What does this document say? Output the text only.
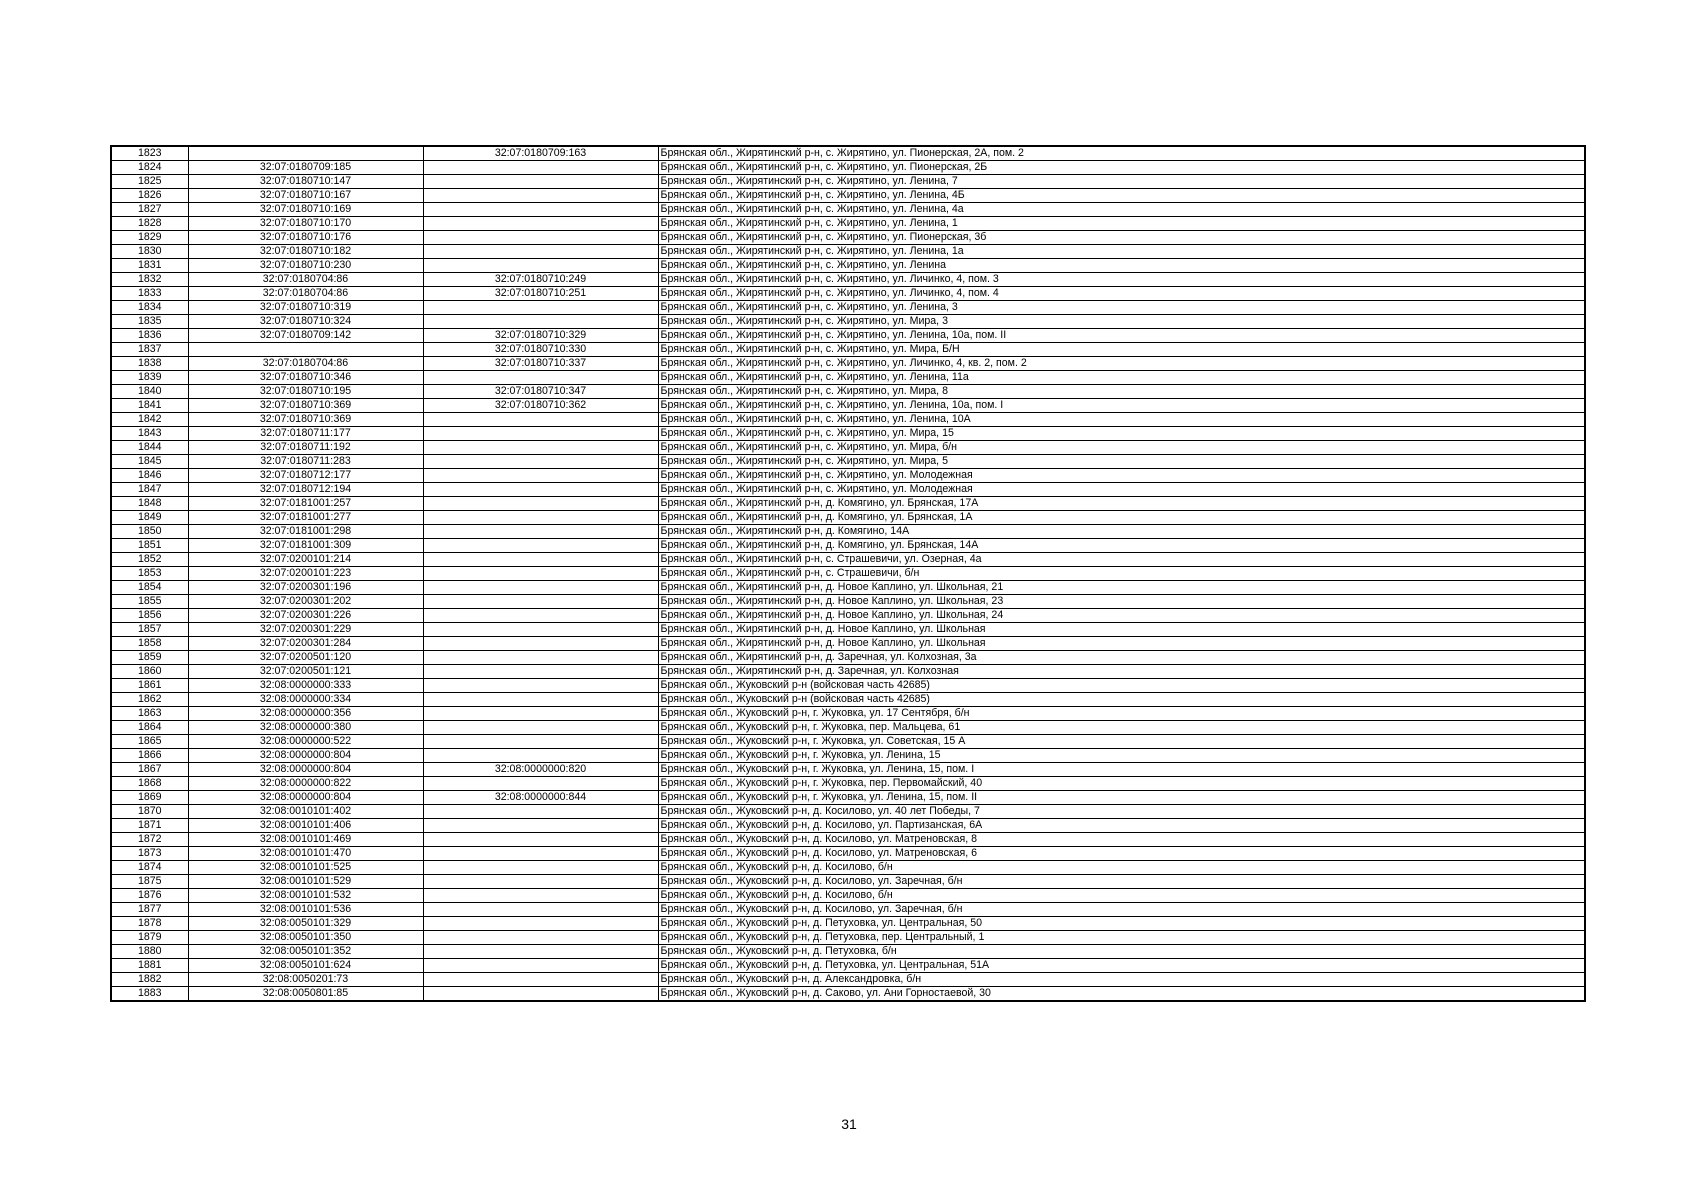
1823		32:07:0180709:163	Брянская обл., Жирятинский р-н, с. Жирятино, ул. Пионерская, 2А, пом. 2
1824	32:07:0180709:185		Брянская обл., Жирятинский р-н, с. Жирятино, ул. Пионерская, 2Б
1825	32:07:0180710:147		Брянская обл., Жирятинский р-н, с. Жирятино, ул. Ленина, 7
1826	32:07:0180710:167		Брянская обл., Жирятинский р-н, с. Жирятино, ул. Ленина, 4Б
1827	32:07:0180710:169		Брянская обл., Жирятинский р-н, с. Жирятино, ул. Ленина, 4а
1828	32:07:0180710:170		Брянская обл., Жирятинский р-н, с. Жирятино, ул. Ленина, 1
1829	32:07:0180710:176		Брянская обл., Жирятинский р-н, с. Жирятино, ул. Пионерская, 3б
1830	32:07:0180710:182		Брянская обл., Жирятинский р-н, с. Жирятино, ул. Ленина, 1а
1831	32:07:0180710:230		Брянская обл., Жирятинский р-н, с. Жирятино, ул. Ленина
1832	32:07:0180704:86	32:07:0180710:249	Брянская обл., Жирятинский р-н, с. Жирятино, ул. Личинко, 4, пом. 3
1833	32:07:0180704:86	32:07:0180710:251	Брянская обл., Жирятинский р-н, с. Жирятино, ул. Личинко, 4, пом. 4
1834	32:07:0180710:319		Брянская обл., Жирятинский р-н, с. Жирятино, ул. Ленина, 3
1835	32:07:0180710:324		Брянская обл., Жирятинский р-н, с. Жирятино, ул. Мира, 3
1836	32:07:0180709:142	32:07:0180710:329	Брянская обл., Жирятинский р-н, с. Жирятино, ул. Ленина, 10а, пом. II
1837		32:07:0180710:330	Брянская обл., Жирятинский р-н, с. Жирятино, ул. Мира, Б/Н
1838	32:07:0180704:86	32:07:0180710:337	Брянская обл., Жирятинский р-н, с. Жирятино, ул. Личинко, 4, кв. 2, пом. 2
1839	32:07:0180710:346		Брянская обл., Жирятинский р-н, с. Жирятино, ул. Ленина, 11а
1840	32:07:0180710:195	32:07:0180710:347	Брянская обл., Жирятинский р-н, с. Жирятино, ул. Мира, 8
1841	32:07:0180710:369	32:07:0180710:362	Брянская обл., Жирятинский р-н, с. Жирятино, ул. Ленина, 10а, пом. I
1842	32:07:0180710:369		Брянская обл., Жирятинский р-н, с. Жирятино, ул. Ленина, 10А
1843	32:07:0180711:177		Брянская обл., Жирятинский р-н, с. Жирятино, ул. Мира, 15
1844	32:07:0180711:192		Брянская обл., Жирятинский р-н, с. Жирятино, ул. Мира, б/н
1845	32:07:0180711:283		Брянская обл., Жирятинский р-н, с. Жирятино, ул. Мира, 5
1846	32:07:0180712:177		Брянская обл., Жирятинский р-н, с. Жирятино, ул. Молодежная
1847	32:07:0180712:194		Брянская обл., Жирятинский р-н, с. Жирятино, ул. Молодежная
1848	32:07:0181001:257		Брянская обл., Жирятинский р-н, д. Комягино, ул. Брянская, 17А
1849	32:07:0181001:277		Брянская обл., Жирятинский р-н, д. Комягино, ул. Брянская, 1А
1850	32:07:0181001:298		Брянская обл., Жирятинский р-н, д. Комягино, 14А
1851	32:07:0181001:309		Брянская обл., Жирятинский р-н, д. Комягино, ул. Брянская, 14А
1852	32:07:0200101:214		Брянская обл., Жирятинский р-н, с. Страшевичи, ул. Озерная, 4а
1853	32:07:0200101:223		Брянская обл., Жирятинский р-н, с. Страшевичи, б/н
1854	32:07:0200301:196		Брянская обл., Жирятинский р-н, д. Новое Каплино, ул. Школьная, 21
1855	32:07:0200301:202		Брянская обл., Жирятинский р-н, д. Новое Каплино, ул. Школьная, 23
1856	32:07:0200301:226		Брянская обл., Жирятинский р-н, д. Новое Каплино, ул. Школьная, 24
1857	32:07:0200301:229		Брянская обл., Жирятинский р-н, д. Новое Каплино, ул. Школьная
1858	32:07:0200301:284		Брянская обл., Жирятинский р-н, д. Новое Каплино, ул. Школьная
1859	32:07:0200501:120		Брянская обл., Жирятинский р-н, д. Заречная, ул. Колхозная, 3а
1860	32:07:0200501:121		Брянская обл., Жирятинский р-н, д. Заречная, ул. Колхозная
1861	32:08:0000000:333		Брянская обл., Жуковский р-н (войсковая часть 42685)
1862	32:08:0000000:334		Брянская обл., Жуковский р-н (войсковая часть 42685)
1863	32:08:0000000:356		Брянская обл., Жуковский р-н, г. Жуковка, ул. 17 Сентября, б/н
1864	32:08:0000000:380		Брянская обл., Жуковский р-н, г. Жуковка, пер. Мальцева, 61
1865	32:08:0000000:522		Брянская обл., Жуковский р-н, г. Жуковка, ул. Советская, 15 А
1866	32:08:0000000:804		Брянская обл., Жуковский р-н, г. Жуковка, ул. Ленина, 15
1867	32:08:0000000:804	32:08:0000000:820	Брянская обл., Жуковский р-н, г. Жуковка, ул. Ленина, 15, пом. I
1868	32:08:0000000:822		Брянская обл., Жуковский р-н, г. Жуковка, пер. Первомайский, 40
1869	32:08:0000000:804	32:08:0000000:844	Брянская обл., Жуковский р-н, г. Жуковка, ул. Ленина, 15, пом. II
1870	32:08:0010101:402		Брянская обл., Жуковский р-н, д. Косилово, ул. 40 лет Победы, 7
1871	32:08:0010101:406		Брянская обл., Жуковский р-н, д. Косилово, ул. Партизанская, 6А
1872	32:08:0010101:469		Брянская обл., Жуковский р-н, д. Косилово, ул. Матреновская, 8
1873	32:08:0010101:470		Брянская обл., Жуковский р-н, д. Косилово, ул. Матреновская, 6
1874	32:08:0010101:525		Брянская обл., Жуковский р-н, д. Косилово, б/н
1875	32:08:0010101:529		Брянская обл., Жуковский р-н, д. Косилово, ул. Заречная, б/н
1876	32:08:0010101:532		Брянская обл., Жуковский р-н, д. Косилово, б/н
1877	32:08:0010101:536		Брянская обл., Жуковский р-н, д. Косилово, ул. Заречная, б/н
1878	32:08:0050101:329		Брянская обл., Жуковский р-н, д. Петуховка, ул. Центральная, 50
1879	32:08:0050101:350		Брянская обл., Жуковский р-н, д. Петуховка, пер. Центральный, 1
1880	32:08:0050101:352		Брянская обл., Жуковский р-н, д. Петуховка, б/н
1881	32:08:0050101:624		Брянская обл., Жуковский р-н, д. Петуховка, ул. Центральная, 51А
1882	32:08:0050201:73		Брянская обл., Жуковский р-н, д. Александровка, б/н
1883	32:08:0050801:85		Брянская обл., Жуковский р-н, д. Саково, ул. Ани Горностаевой, 30
31
